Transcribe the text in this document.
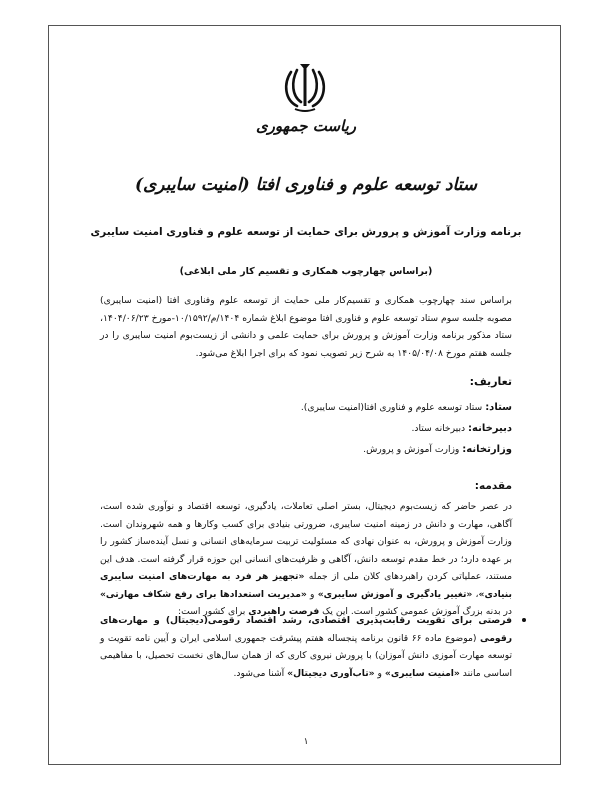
ریاست جمهوری
ستاد توسعه علوم و فناوری افتا (امنیت سایبری)
برنامه وزارت آموزش و پرورش برای حمایت از توسعه علوم و فناوری امنیت سایبری
(براساس چهارچوب همکاری و تقسیم کار ملی ابلاغی)
براساس سند چهارچوب همکاری و تقسیم‌کار ملی حمایت از توسعه علوم وفناوری افتا (امنیت سایبری) مصوبه جلسه سوم ستاد توسعه علوم و فناوری افتا موضوع ابلاغ شماره ۱۴۰۴/م/۱۰/۱۵۹۲-مورخ ۱۴۰۴/۰۶/۲۳، ستاد مذکور برنامه وزارت آموزش و پرورش برای حمایت علمی و دانشی از زیست‌بوم امنیت سایبری را در جلسه هفتم مورخ ۱۴۰۵/۰۴/۰۸ به شرح زیر تصویب نمود که برای اجرا ابلاغ می‌شود.
تعاریف:
ستاد: ستاد توسعه علوم و فناوری افتا(امنیت سایبری).
دبیرخانه: دبیرخانه ستاد.
وزارتخانه: وزارت آموزش و پرورش.
مقدمه:
در عصر حاضر که زیست‌بوم دیجیتال، بستر اصلی تعاملات، یادگیری، توسعه اقتصاد و نوآوری شده است، آگاهی، مهارت و دانش در زمینه امنیت سایبری، ضرورتی بنیادی برای کسب وکارها و همه شهروندان است. وزارت آموزش و پرورش، به عنوان نهادی که مسئولیت تربیت سرمایه‌های انسانی و نسل آینده‌ساز کشور را بر عهده دارد؛ در خط مقدم توسعه دانش، آگاهی و ظرفیت‌های انسانی این حوزه قرار گرفته است. هدف این مستند، عملیاتی کردن راهبردهای کلان ملی از جمله «تجهیز هر فرد به مهارت‌های امنیت سایبری بنیادی»، «تغییر یادگیری و آموزش سایبری» و «مدیریت استعدادها برای رفع شکاف مهارتی» در بدنه بزرگ آموزش عمومی کشور است. این یک فرصت راهبردی برای کشور است:
فرصتی برای تقویت رقابت‌پذیری اقتصادی، رشد اقتصاد رقومی(دیجیتال) و مهارت‌های رقومی (موضوع ماده ۶۶ قانون برنامه پنجساله هفتم پیشرفت جمهوری اسلامی ایران و آیین نامه تقویت و توسعه مهارت آموزی دانش آموزان) با پرورش نیروی کاری که از همان سال‌های نخست تحصیل، با مفاهیمی اساسی مانند «امنیت سایبری» و «تاب‌آوری دیجیتال» آشنا می‌شود.
۱
